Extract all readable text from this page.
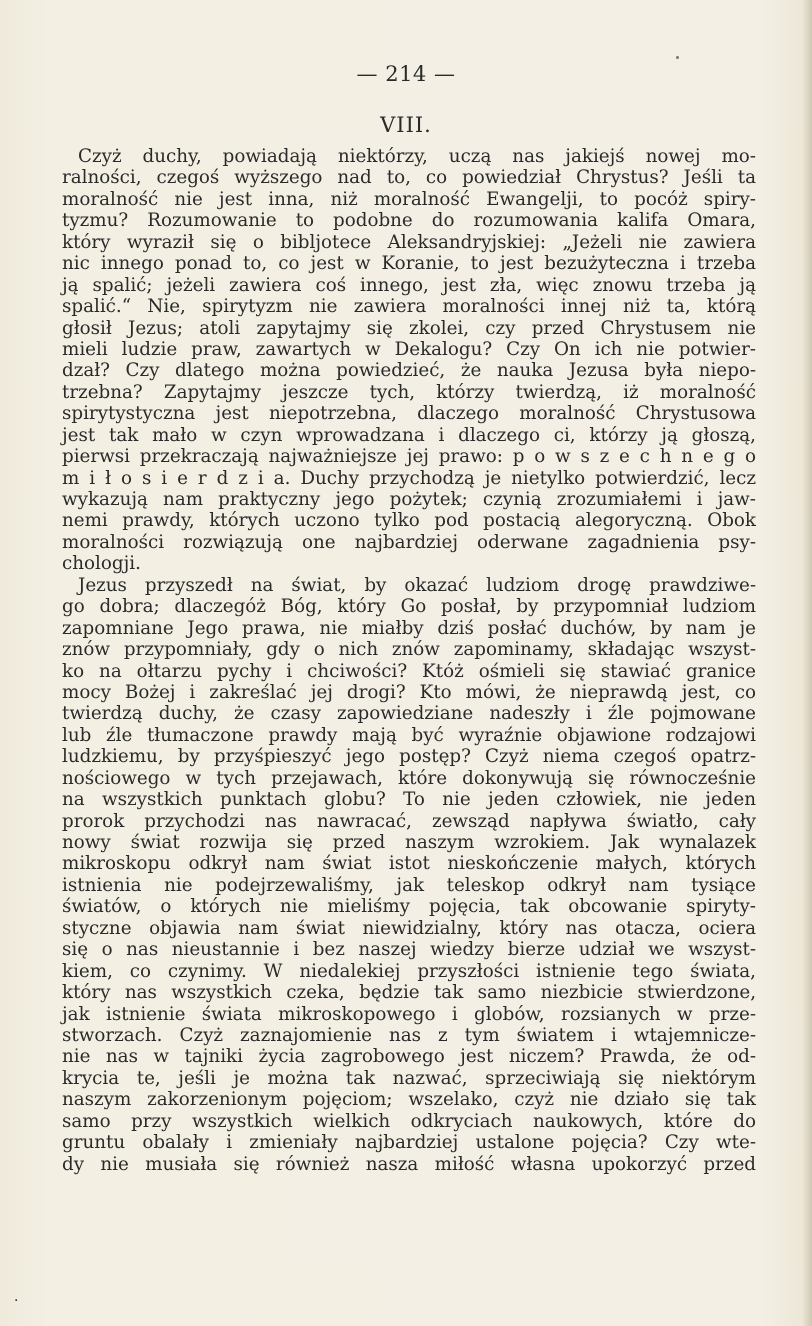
— 214 —
VIII.
Czyż duchy, powiadają niektórzy, uczą nas jakiejś nowej mo-
ralności, czegoś wyższego nad to, co powiedział Chrystus? Jeśli ta
moralność nie jest inna, niż moralność Ewangelji, to pocóż spiry-
tyzmu? Rozumowanie to podobne do rozumowania kalifa Omara,
który wyraził się o bibljotece Aleksandryjskiej: „Jeżeli nie zawiera
nic innego ponad to, co jest w Koranie, to jest bezużyteczna i trzeba
ją spalić; jeżeli zawiera coś innego, jest zła, więc znowu trzeba ją
spalić.“ Nie, spirytyzm nie zawiera moralności innej niż ta, którą
głosił Jezus; atoli zapytajmy się zkolei, czy przed Chrystusem nie
mieli ludzie praw, zawartych w Dekalogu? Czy On ich nie potwier-
dzał? Czy dlatego można powiedzieć, że nauka Jezusa była niepo-
trzebna? Zapytajmy jeszcze tych, którzy twierdzą, iż moralność
spirytystyczna jest niepotrzebna, dlaczego moralność Chrystusowa
jest tak mało w czyn wprowadzana i dlaczego ci, którzy ją głoszą,
pierwsi przekraczają najważniejsze jej prawo: p o w s z e c h n e g o
m i ł o s i e r d z i a. Duchy przychodzą je nietylko potwierdzić, lecz
wykazują nam praktyczny jego pożytek; czynią zrozumiałemi i jaw-
nemi prawdy, których uczono tylko pod postacią alegoryczną. Obok
moralności rozwiązują one najbardziej oderwane zagadnienia psy-
chologji.
Jezus przyszedł na świat, by okazać ludziom drogę prawdziwe-
go dobra; dlaczegóż Bóg, który Go posłał, by przypomniał ludziom
zapomniane Jego prawa, nie miałby dziś posłać duchów, by nam je
znów przypomniały, gdy o nich znów zapominamy, składając wszyst-
ko na ołtarzu pychy i chciwości? Któż ośmieli się stawiać granice
mocy Bożej i zakreślać jej drogi? Kto mówi, że nieprawdą jest, co
twierdzą duchy, że czasy zapowiedziane nadeszły i źle pojmowane
lub źle tłumaczone prawdy mają być wyraźnie objawione rodzajowi
ludzkiemu, by przyśpieszyć jego postęp? Czyż niema czegoś opatrz-
nościowego w tych przejawach, które dokonywują się równocześnie
na wszystkich punktach globu? To nie jeden człowiek, nie jeden
prorok przychodzi nas nawracać, zewsząd napływa światło, cały
nowy świat rozwija się przed naszym wzrokiem. Jak wynalazek
mikroskopu odkrył nam świat istot nieskończenie małych, których
istnienia nie podejrzewaliśmy, jak teleskop odkrył nam tysiące
światów, o których nie mieliśmy pojęcia, tak obcowanie spiryty-
styczne objawia nam świat niewidzialny, który nas otacza, ociera
się o nas nieustannie i bez naszej wiedzy bierze udział we wszyst-
kiem, co czynimy. W niedalekiej przyszłości istnienie tego świata,
który nas wszystkich czeka, będzie tak samo niezbicie stwierdzone,
jak istnienie świata mikroskopowego i globów, rozsianych w prze-
stworzach. Czyż zaznajomienie nas z tym światem i wtajemnicze-
nie nas w tajniki życia zagrobowego jest niczem? Prawda, że od-
krycia te, jeśli je można tak nazwać, sprzeciwiają się niektórym
naszym zakorzenionym pojęciom; wszelako, czyż nie działo się tak
samo przy wszystkich wielkich odkryciach naukowych, które do
gruntu obalały i zmieniały najbardziej ustalone pojęcia? Czy wte-
dy nie musiała się również nasza miłość własna upokorzyć przed
·
